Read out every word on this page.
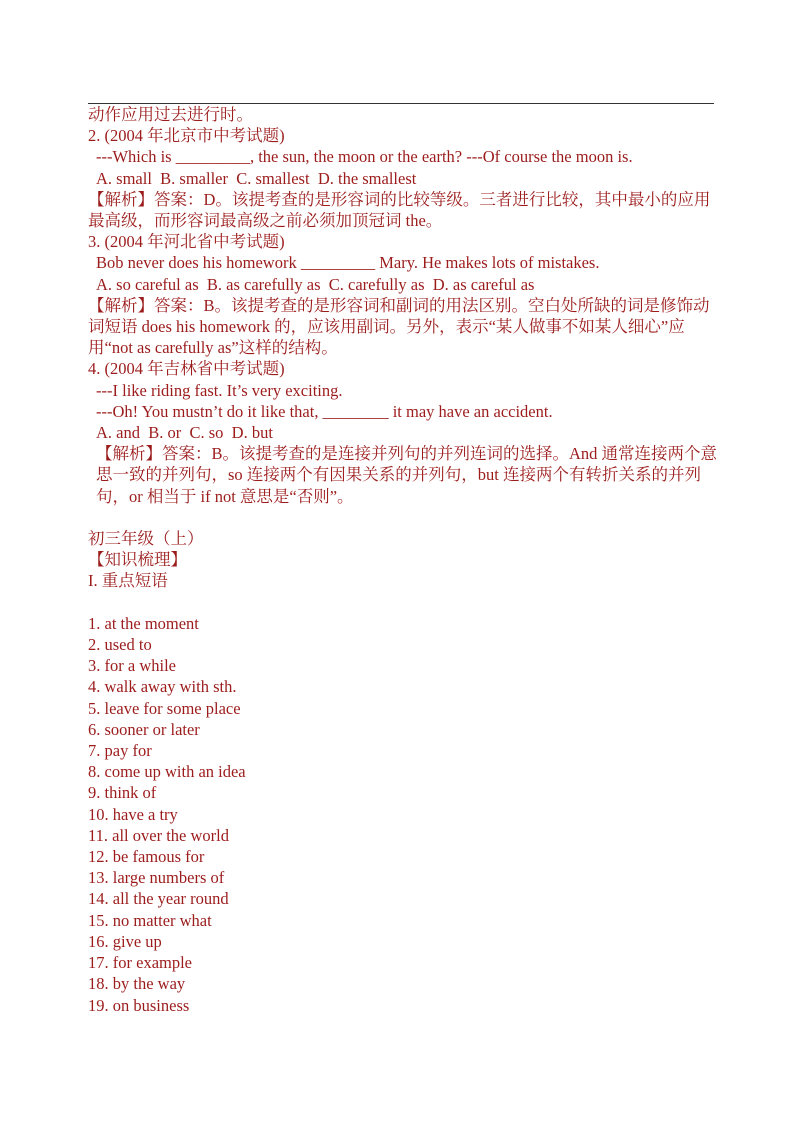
动作应用过去进行时。

2. (2004 年北京市中考试题)

---Which is _________, the sun, the moon or the earth? ---Of course the moon is.

A. small  B. smaller  C. smallest  D. the smallest

【解析】答案：D。该提考查的是形容词的比较等级。三者进行比较，其中最小的应用最高级，而形容词最高级之前必须加顶冠词 the。

3. (2004 年河北省中考试题)

Bob never does his homework _________ Mary. He makes lots of mistakes.

A. so careful as  B. as carefully as  C. carefully as  D. as careful as

【解析】答案：B。该提考查的是形容词和副词的用法区别。空白处所缺的词是修饰动词短语 does his homework 的，应该用副词。另外，表示“某人做事不如某人细心”应用“not as carefully as”这样的结构。

4. (2004 年吉林省中考试题)

---I like riding fast. It’s very exciting.

---Oh! You mustn’t do it like that, ________ it may have an accident.

A. and  B. or  C. so  D. but

【解析】答案：B。该提考查的是连接并列句的并列连词的选择。And 通常连接两个意思一致的并列句，so 连接两个有因果关系的并列句，but 连接两个有转折关系的并列句，or 相当于 if not 意思是“否则”。

初三年级（上）

【知识梳理】

I. 重点短语

1. at the moment
2. used to
3. for a while
4. walk away with sth.
5. leave for some place
6. sooner or later
7. pay for
8. come up with an idea
9. think of
10. have a try
11. all over the world
12. be famous for
13. large numbers of
14. all the year round
15. no matter what
16. give up
17. for example
18. by the way
19. on business
